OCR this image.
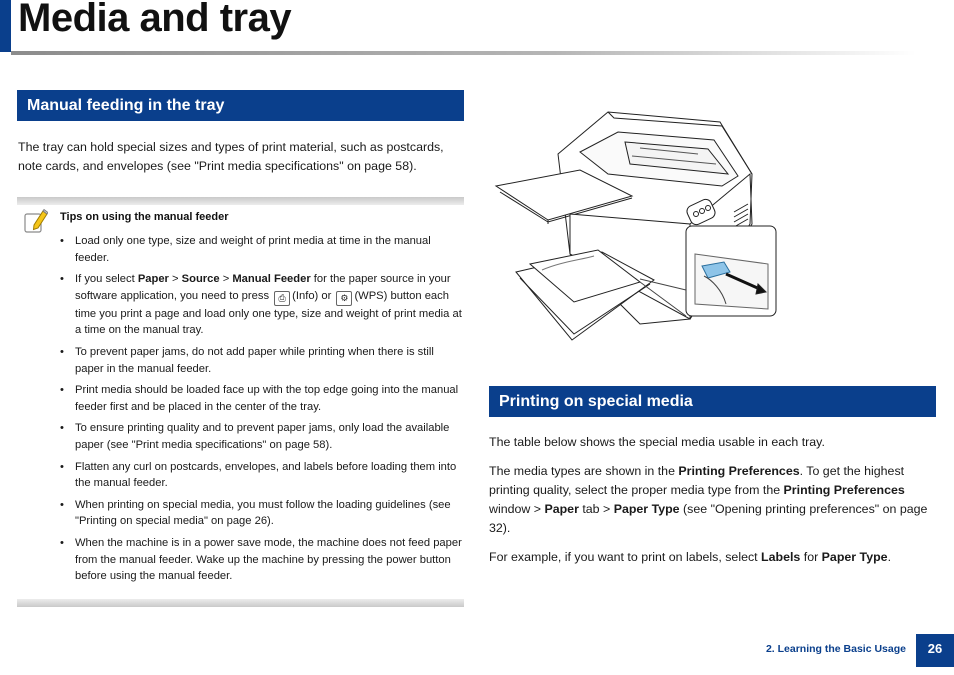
Media and tray
Manual feeding in the tray

The tray can hold special sizes and types of print material, such as postcards,
note cards, and envelopes (see "Print media specifications" on page 58).

Tips on using the manual feeder

• Load only one type, size and weight of print media at time in the manual feeder.
• If you select Paper > Source > Manual Feeder for the paper source in your software application, you need to press ⎙ (Info) or ⚙ (WPS) button each time you print a page and load only one type, size and weight of print media at a time on the manual tray.
• To prevent paper jams, do not add paper while printing when there is still paper in the manual feeder.
• Print media should be loaded face up with the top edge going into the manual feeder first and be placed in the center of the tray.
• To ensure printing quality and to prevent paper jams, only load the available paper (see "Print media specifications" on page 58).
• Flatten any curl on postcards, envelopes, and labels before loading them into the manual feeder.
• When printing on special media, you must follow the loading guidelines (see "Printing on special media" on page 26).
• When the machine is in a power save mode, the machine does not feed paper from the manual feeder. Wake up the machine by pressing the power button before using the manual feeder.
Printing on special media

The table below shows the special media usable in each tray.

The media types are shown in the Printing Preferences. To get the highest printing quality, select the proper media type from the Printing Preferences window > Paper tab > Paper Type (see "Opening printing preferences" on page 32).

For example, if you want to print on labels, select Labels for Paper Type.

2. Learning the Basic Usage	26
